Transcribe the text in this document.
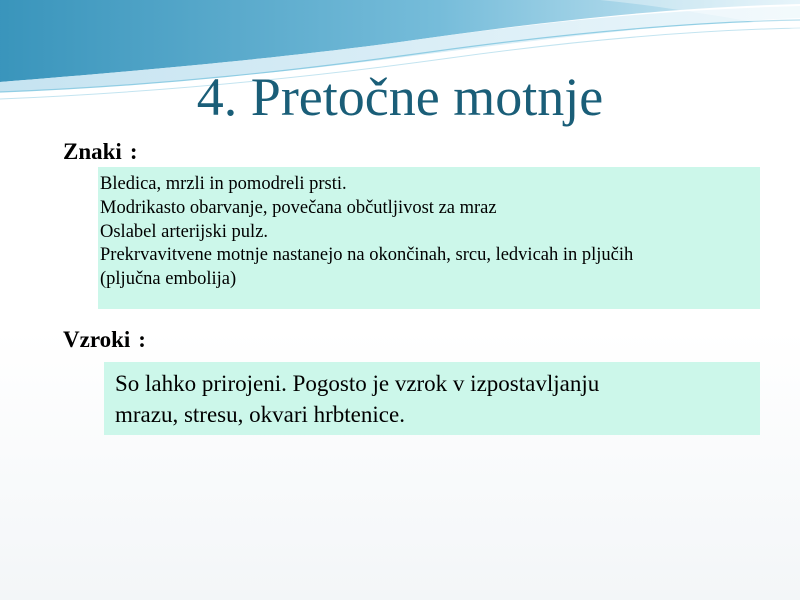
4. Pretočne motnje
Znaki :
Bledica, mrzli in pomodreli prsti.
Modrikasto obarvanje, povečana občutljivost za mraz
Oslabel arterijski pulz.
Prekrvavitvene motnje nastanejo na okončinah, srcu, ledvicah in pljučih
(pljučna embolija)
Vzroki :
So lahko prirojeni. Pogosto je vzrok v izpostavljanju
mrazu, stresu, okvari hrbtenice.
